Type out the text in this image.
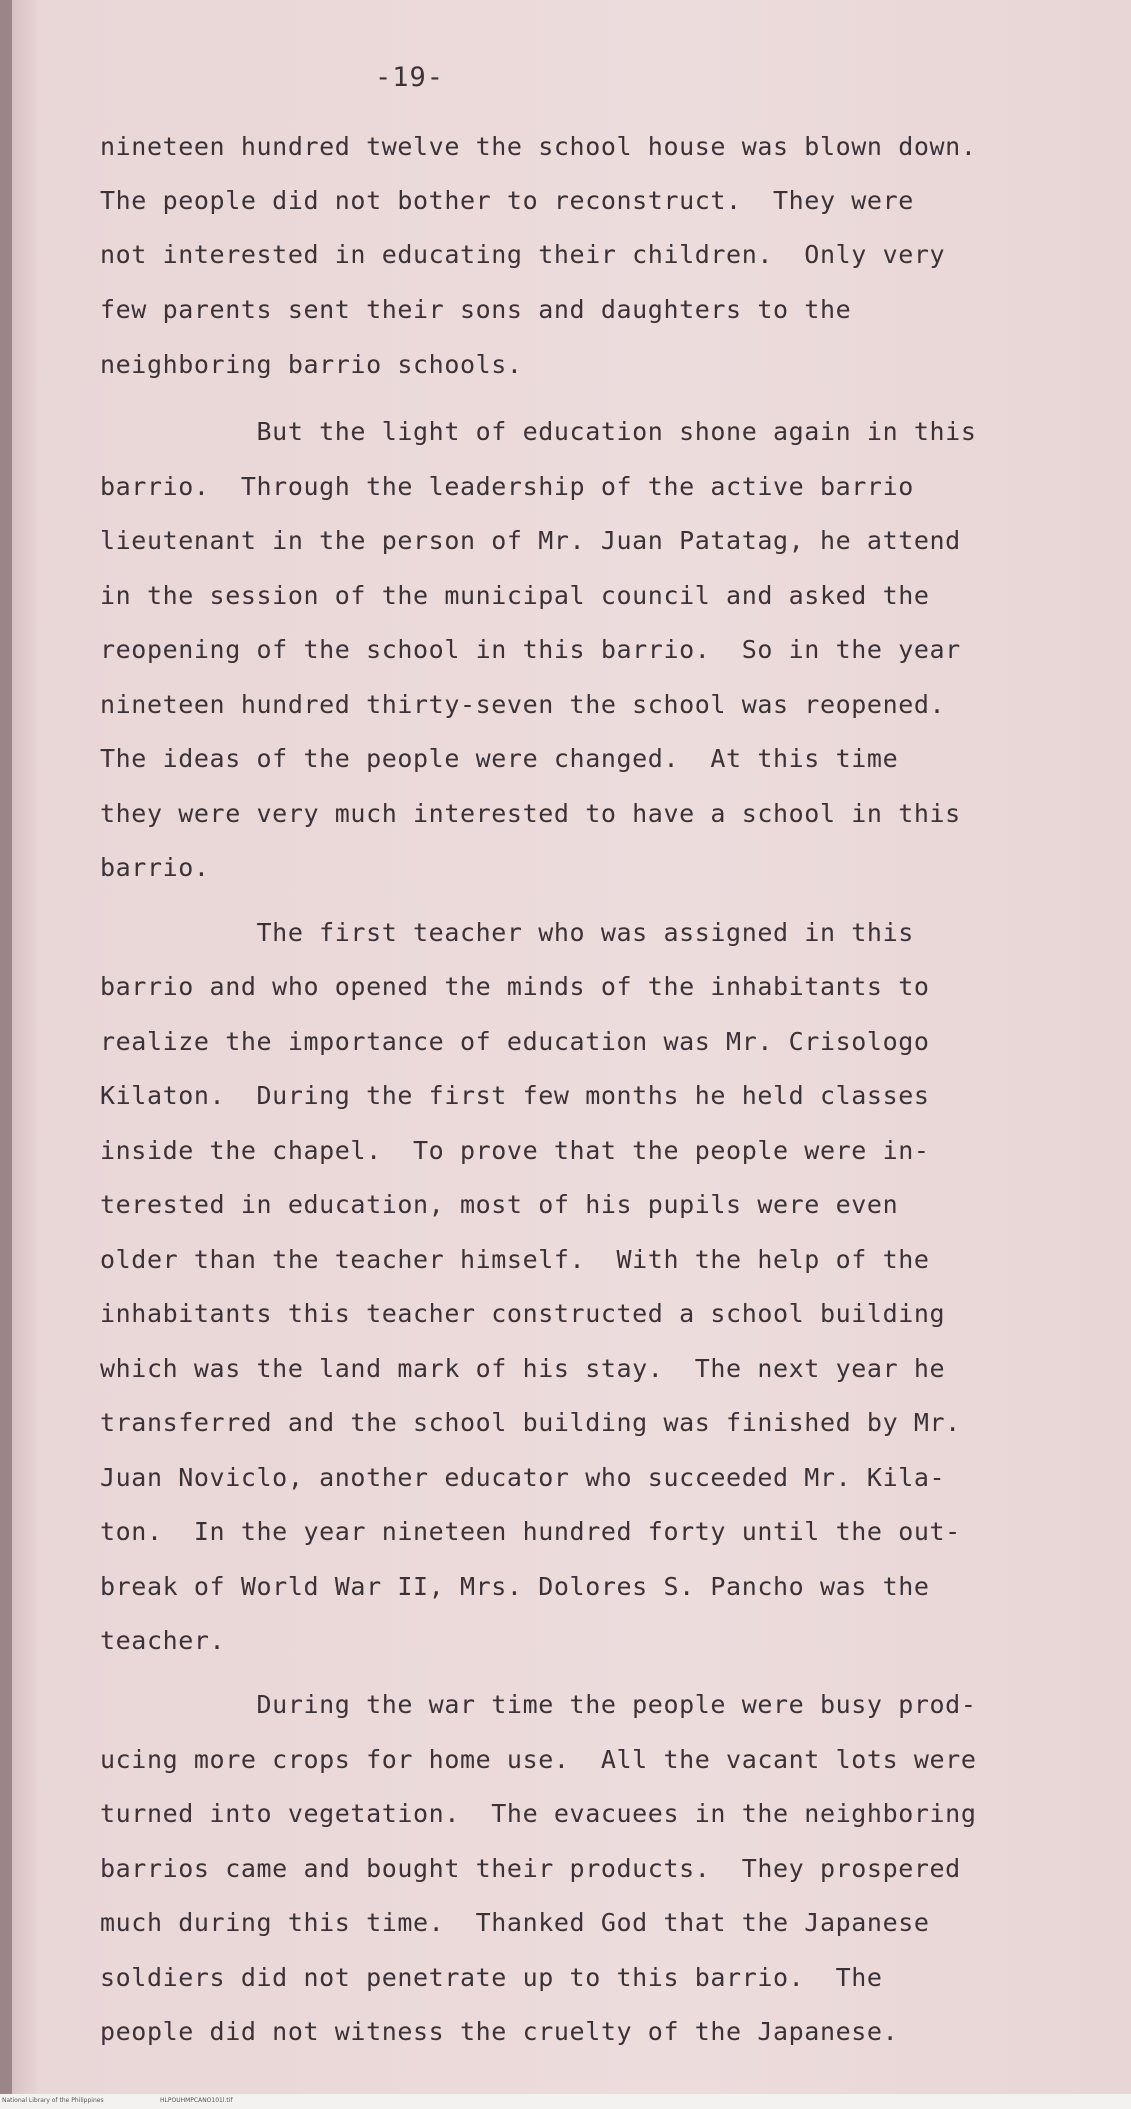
-19-
nineteen hundred twelve the school house was blown down.
The people did not bother to reconstruct.  They were
not interested in educating their children.  Only very
few parents sent their sons and daughters to the
neighboring barrio schools.
But the light of education shone again in this
barrio.  Through the leadership of the active barrio
lieutenant in the person of Mr. Juan Patatag, he attend
in the session of the municipal council and asked the
reopening of the school in this barrio.  So in the year
nineteen hundred thirty-seven the school was reopened.
The ideas of the people were changed.  At this time
they were very much interested to have a school in this
barrio.
The first teacher who was assigned in this
barrio and who opened the minds of the inhabitants to
realize the importance of education was Mr. Crisologo
Kilaton.  During the first few months he held classes
inside the chapel.  To prove that the people were in-
terested in education, most of his pupils were even
older than the teacher himself.  With the help of the
inhabitants this teacher constructed a school building
which was the land mark of his stay.  The next year he
transferred and the school building was finished by Mr.
Juan Noviclo, another educator who succeeded Mr. Kila-
ton.  In the year nineteen hundred forty until the out-
break of World War II, Mrs. Dolores S. Pancho was the
teacher.
During the war time the people were busy prod-
ucing more crops for home use.  All the vacant lots were
turned into vegetation.  The evacuees in the neighboring
barrios came and bought their products.  They prospered
much during this time.  Thanked God that the Japanese
soldiers did not penetrate up to this barrio.  The
people did not witness the cruelty of the Japanese.
National Library of the Philippines	HLPOUHMPCANO101l.tif
